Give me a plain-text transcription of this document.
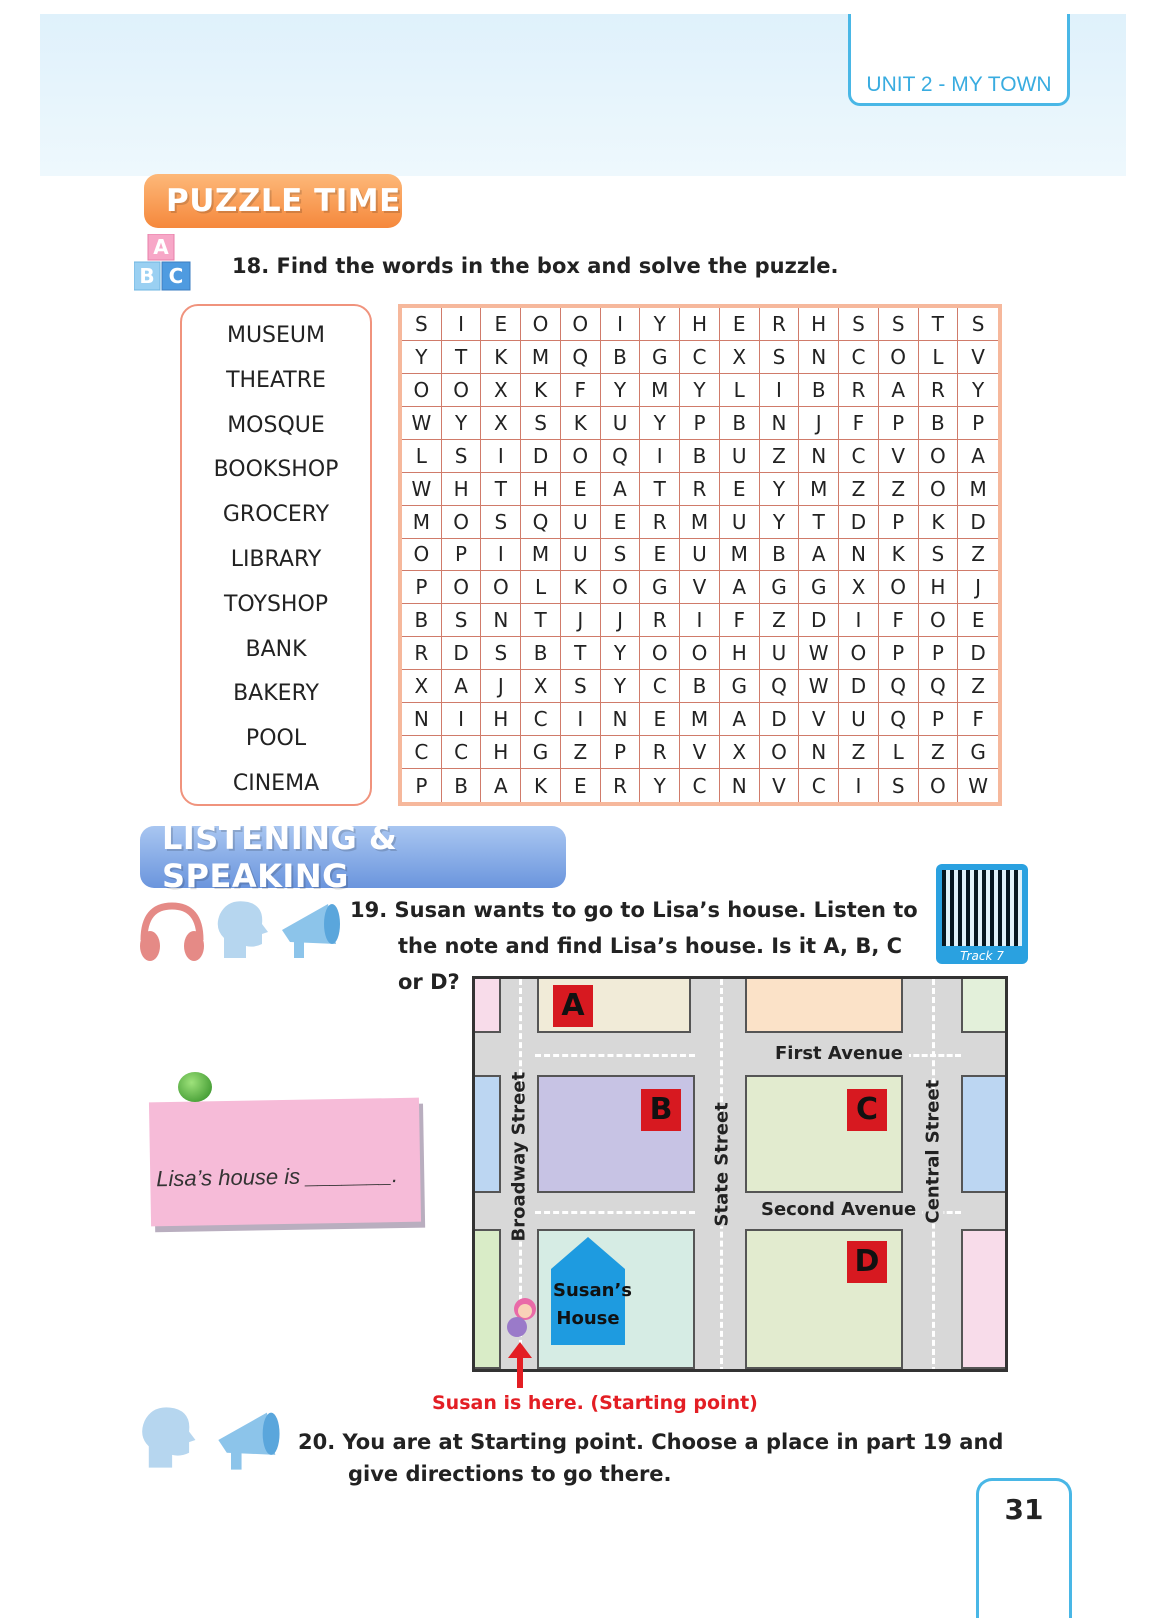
UNIT 2 - MY TOWN
PUZZLE TIME
A
B C 18. Find the words in the box and solve the puzzle.
MUSEUM
THEATRE
MOSQUE
BOOKSHOP
GROCERY
LIBRARY
TOYSHOP
BANK
BAKERY
POOL
CINEMA
S	I	E	O	O	I	Y	H	E	R	H	S	S	T	S
Y	T	K	M	Q	B	G	C	X	S	N	C	O	L	V
O	O	X	K	F	Y	M	Y	L	I	B	R	A	R	Y
W	Y	X	S	K	U	Y	P	B	N	J	F	P	B	P
L	S	I	D	O	Q	I	B	U	Z	N	C	V	O	A
W	H	T	H	E	A	T	R	E	Y	M	Z	Z	O	M
M	O	S	Q	U	E	R	M	U	Y	T	D	P	K	D
O	P	I	M	U	S	E	U	M	B	A	N	K	S	Z
P	O	O	L	K	O	G	V	A	G	G	X	O	H	J
B	S	N	T	J	J	R	I	F	Z	D	I	F	O	E
R	D	S	B	T	Y	O	O	H	U	W	O	P	P	D
X	A	J	X	S	Y	C	B	G	Q	W	D	Q	Q	Z
N	I	H	C	I	N	E	M	A	D	V	U	Q	P	F
C	C	H	G	Z	P	R	V	X	O	N	Z	L	Z	G
P	B	A	K	E	R	Y	C	N	V	C	I	S	O	W
LISTENING & SPEAKING
19. Susan wants to go to Lisa’s house. Listen to the note and find Lisa’s house. Is it A, B, C or D?
Track 7
Lisa’s house is _______.
A
B	C
D
First Avenue
Second Avenue
Broadway Street	State Street	Central Street
Susan’s
House
Susan is here. (Starting point)
20. You are at Starting point. Choose a place in part 19 and give directions to go there.
31
